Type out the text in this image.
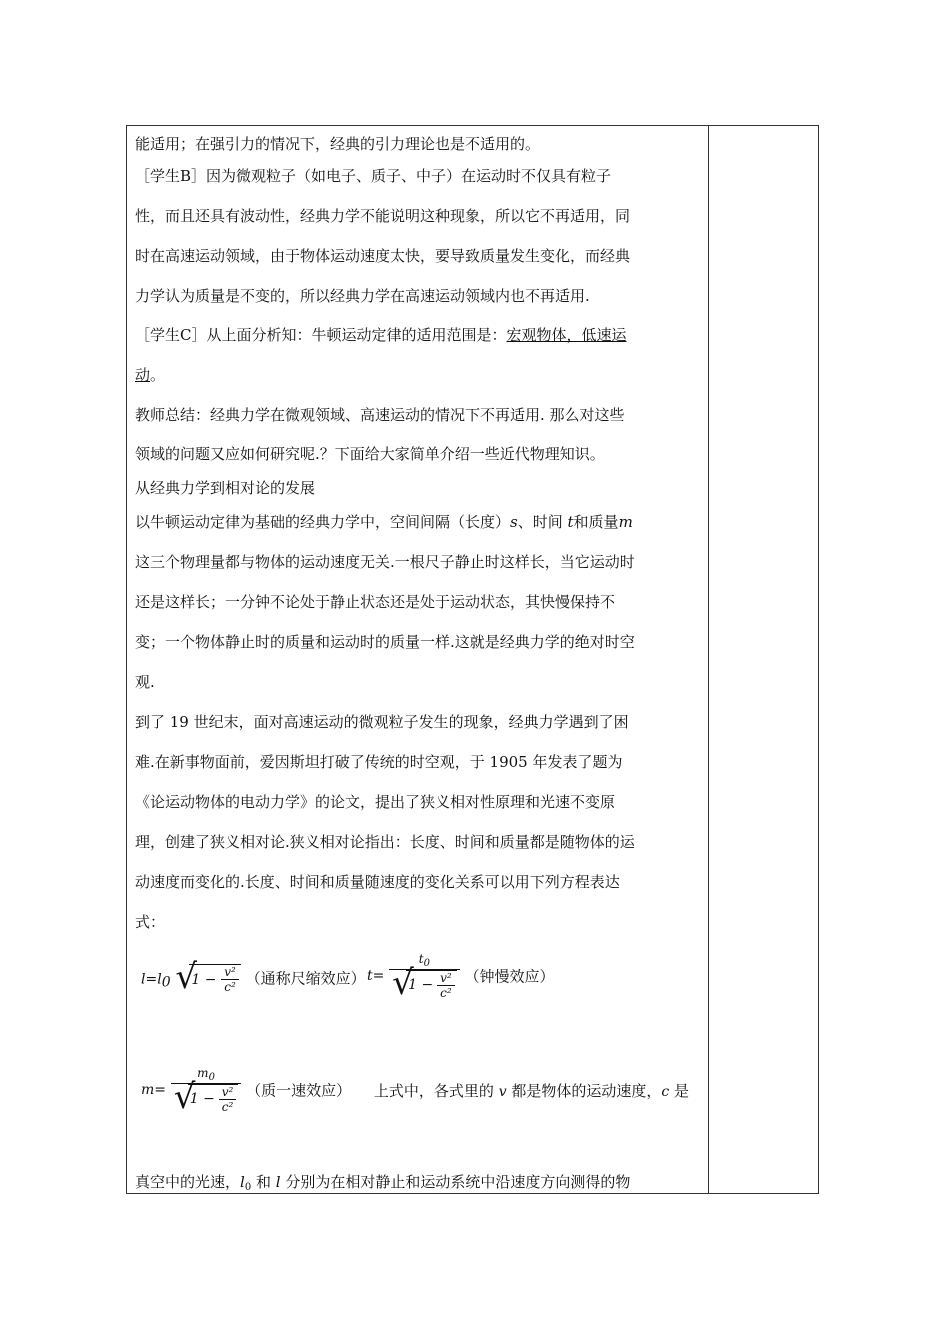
能适用；在强引力的情况下，经典的引力理论也是不适用的。
［学生B］因为微观粒子（如电子、质子、中子）在运动时不仅具有粒子
性，而且还具有波动性，经典力学不能说明这种现象，所以它不再适用，同
时在高速运动领域，由于物体运动速度太快，要导致质量发生变化，而经典
力学认为质量是不变的，所以经典力学在高速运动领域内也不再适用.
［学生C］从上面分析知：牛顿运动定律的适用范围是：宏观物体，低速运
动。
教师总结：经典力学在微观领域、高速运动的情况下不再适用. 那么对这些
领域的问题又应如何研究呢.？下面给大家简单介绍一些近代物理知识。
从经典力学到相对论的发展
以牛顿运动定律为基础的经典力学中，空间间隔（长度）s、时间 t和质量m
这三个物理量都与物体的运动速度无关.一根尺子静止时这样长，当它运动时
还是这样长；一分钟不论处于静止状态还是处于运动状态，其快慢保持不
变；一个物体静止时的质量和运动时的质量一样.这就是经典力学的绝对时空
观.
到了 19 世纪末，面对高速运动的微观粒子发生的现象，经典力学遇到了困
难.在新事物面前，爱因斯坦打破了传统的时空观，于 1905 年发表了题为
《论运动物体的电动力学》的论文，提出了狭义相对性原理和光速不变原
理，创建了狭义相对论.狭义相对论指出：长度、时间和质量都是随物体的运
动速度而变化的.长度、时间和质量随速度的变化关系可以用下列方程表达
式：
l=l0 √
$1 - \frac{\text{v²}}{\text{c²}}$ （通称尺缩效应） t=
$t_0$
√
$1 - \frac{\text{v²}}{\text{c²}}$ （钟慢效应）
m=
$m_0$
√
$1 - \frac{\text{v²}}{\text{c²}}$ （质一速效应） 上式中，各式里的 v 都是物体的运动速度，c 是
真空中的光速，$l_0$ 和 l 分别为在相对静止和运动系统中沿速度方向测得的物
